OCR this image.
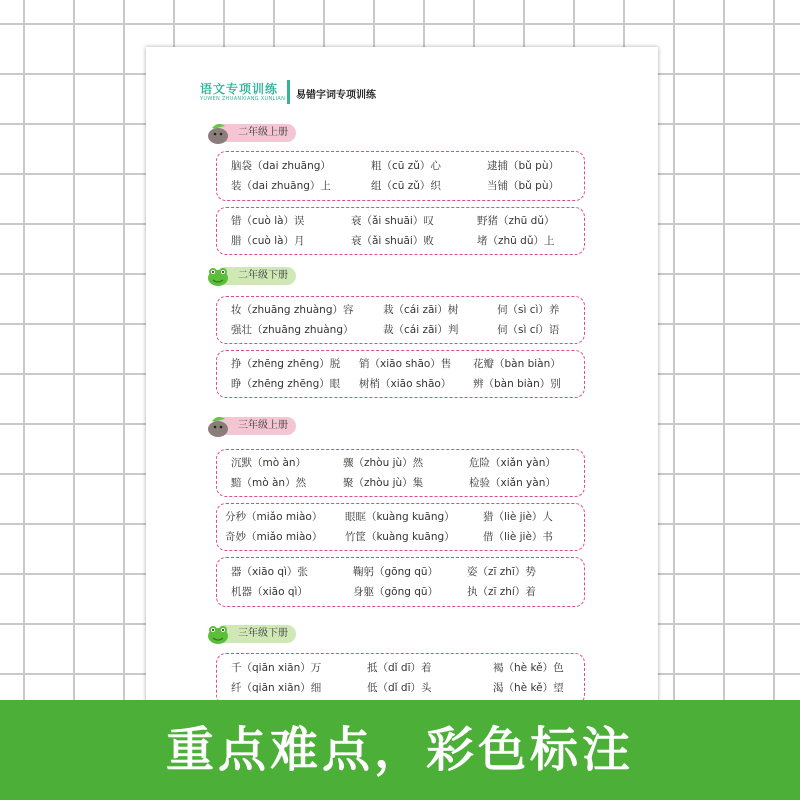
语文专项训练
YUWEN ZHUANXIANG XUNLIAN	易错字词专项训练
二年级上册
脑袋（dai zhuāng）	粗（cū zǔ）心	逮捕（bǔ pù）
装（dai zhuāng）上	组（cū zǔ）织	当铺（bǔ pù）
错（cuò là）误	衰（ǎi shuāi）叹	野猪（zhū dǔ）
腊（cuò là）月	衰（ǎi shuāi）败	堵（zhū dǔ）上
二年级下册
妆（zhuāng zhuàng）容	栽（cái zāi）树	伺（sì cì）养
强壮（zhuāng zhuàng）	裁（cái zāi）判	伺（sì cí）语
挣（zhēng zhēng）脱 销（xiāo shāo）售 花瓣（bàn biàn）
睁（zhēng zhēng）眼 树梢（xiāo shāo） 辨（bàn biàn）别
三年级上册
沉默（mò àn）	骤（zhòu jù）然	危险（xiǎn yàn）
黯（mò àn）然	聚（zhòu jù）集	检验（xiǎn yàn）
分秒（miǎo miào） 眼眶（kuàng kuāng）	猎（liè jiè）人
奇妙（miǎo miào） 竹筐（kuàng kuāng）	借（liè jiè）书
器（xiāo qì）张	鞠躬（gōng qū）	姿（zī zhī）势
机器（xiāo qì）	身躯（gōng qū）	执（zī zhí）着
三年级下册
千（qiān xiān）万	抵（dǐ dī）着	褐（hè kě）色
纤（qiān xiān）细	低（dǐ dī）头	渴（hè kě）望
重点难点，彩色标注
